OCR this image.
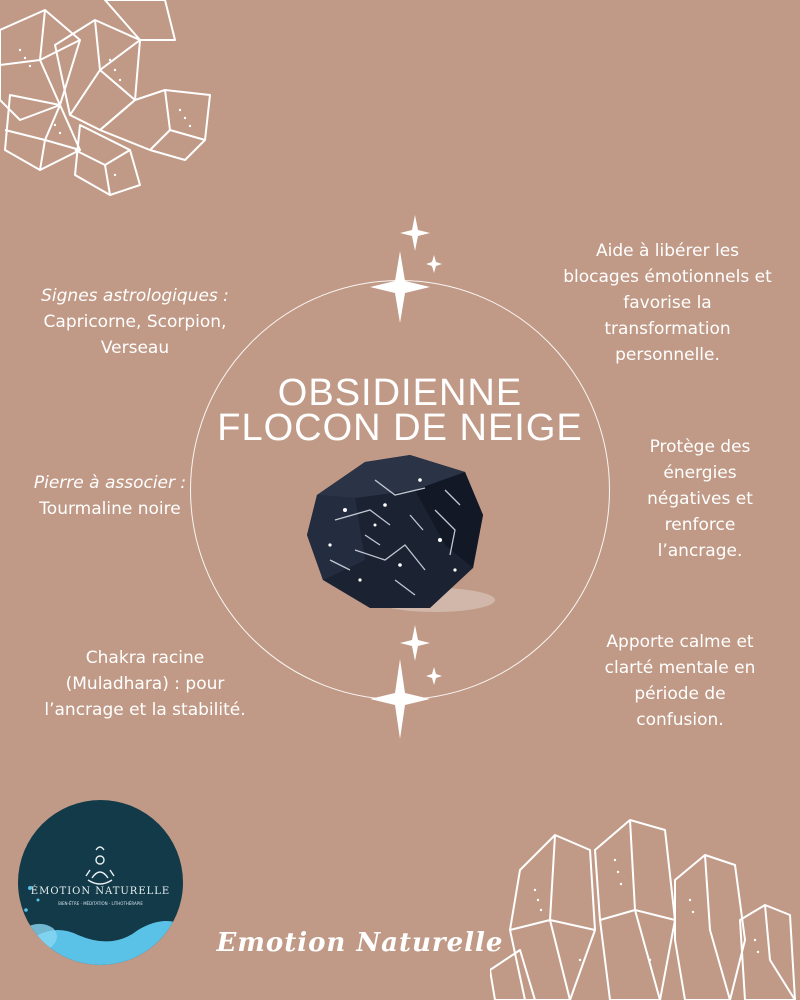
OBSIDIENNE
FLOCON DE NEIGE
Signes astrologiques :
Capricorne, Scorpion,
Verseau
Pierre à associer :
Tourmaline noire
Chakra racine
(Muladhara) : pour
l’ancrage et la stabilité.
Aide à libérer les
blocages émotionnels et
favorise la
transformation
personnelle.
Protège des
énergies
négatives et
renforce
l’ancrage.
Apporte calme et
clarté mentale en
période de
confusion.
ÉMOTION NATURELLE
BIEN-ÊTRE · MÉDITATION · LITHOTHÉRAPIE
Emotion Naturelle
